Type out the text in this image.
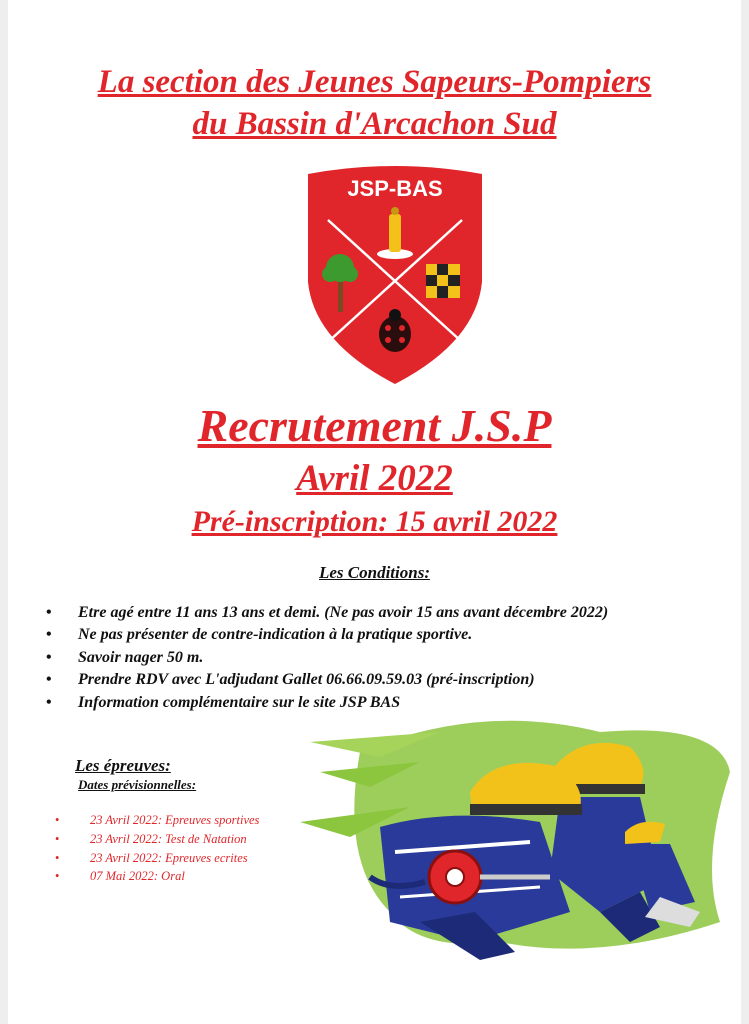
La section des Jeunes Sapeurs-Pompiers
du Bassin d'Arcachon Sud
JSP-BAS
Recrutement J.S.P
Avril 2022
Pré-inscription: 15 avril 2022
Les Conditions:
• Etre agé entre 11 ans 13 ans et demi. (Ne pas avoir 15 ans avant décembre 2022)
• Ne pas présenter de contre-indication à la pratique sportive.
• Savoir nager 50 m.
• Prendre RDV avec L'adjudant Gallet 06.66.09.59.03 (pré-inscription)
• Information complémentaire sur le site JSP BAS
Les épreuves:
Dates prévisionnelles:
• 23 Avril 2022: Epreuves sportives
• 23 Avril 2022: Test de Natation
• 23 Avril 2022: Epreuves ecrites
• 07 Mai 2022: Oral
